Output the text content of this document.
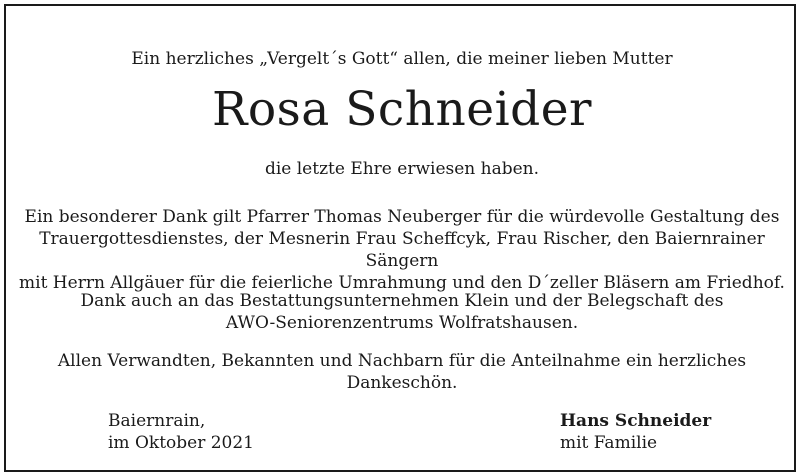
Ein herzliches „Vergelt´s Gott“ allen, die meiner lieben Mutter
Rosa Schneider
die letzte Ehre erwiesen haben.
Ein besonderer Dank gilt Pfarrer Thomas Neuberger für die würdevolle Gestaltung des
Trauergottesdienstes, der Mesnerin Frau Scheffcyk, Frau Rischer, den Baiernrainer Sängern
mit Herrn Allgäuer für die feierliche Umrahmung und den D´zeller Bläsern am Friedhof.
Dank auch an das Bestattungsunternehmen Klein und der Belegschaft des
AWO-Seniorenzentrums Wolfratshausen.
Allen Verwandten, Bekannten und Nachbarn für die Anteilnahme ein herzliches Dankeschön.
Baiernrain,
im Oktober 2021
Hans Schneider
mit Familie
